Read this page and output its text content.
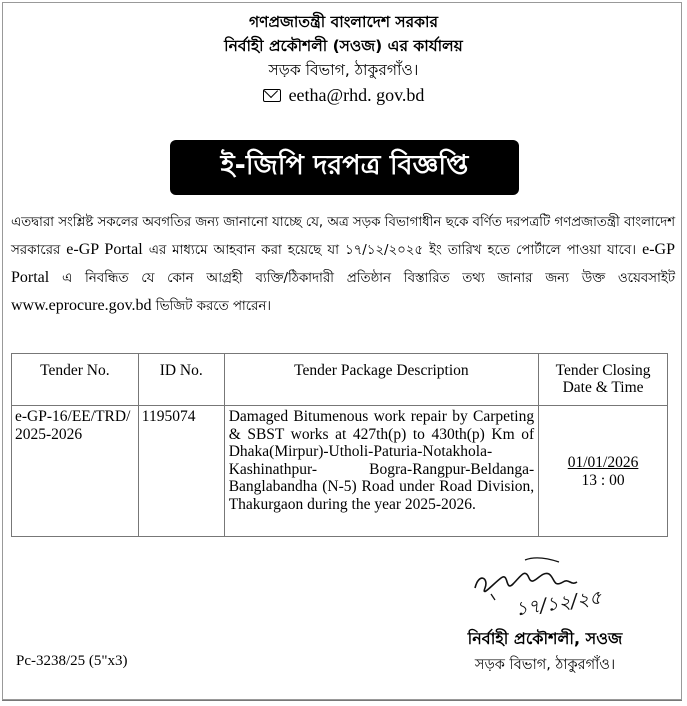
গণপ্রজাতন্ত্রী বাংলাদেশ সরকার
নির্বাহী প্রকৌশলী (সওজ) এর কার্যালয়
সড়ক বিভাগ, ঠাকুরগাঁও।
eetha@rhd. gov.bd
ই-জিপি দরপত্র বিজ্ঞপ্তি
এতদ্বারা সংশ্লিষ্ট সকলের অবগতির জন্য জানানো যাচ্ছে যে, অত্র সড়ক বিভাগাধীন ছকে বর্ণিত দরপত্রটি গণপ্রজাতন্ত্রী বাংলাদেশ সরকারের e-GP Portal এর মাধ্যমে আহবান করা হয়েছে যা ১৭/১২/২০২৫ ইং তারিখ হতে পোর্টালে পাওয়া যাবে। e-GP Portal এ নিবন্ধিত যে কোন আগ্রহী ব্যক্তি/ঠিকাদারী প্রতিষ্ঠান বিস্তারিত তথ্য জানার জন্য উক্ত ওয়েবসাইট www.eprocure.gov.bd ভিজিট করতে পারেন।
Tender No.	ID No.	Tender Package Description	Tender Closing
Date & Time
e-GP-16/EE/TRD/2025-2026	1195074	Damaged Bitumenous work repair by Carpeting & SBST works at 427th(p) to 430th(p) Km of Dhaka(Mirpur)-Utholi-Paturia-Notakhola- Kashinathpur- Bogra-Rangpur-Beldanga-Banglabandha (N-5) Road under Road Division, Thakurgaon during the year 2025-2026.	01/01/2026
13 : 00
১৭/১২/২৫
নির্বাহী প্রকৌশলী, সওজ
সড়ক বিভাগ, ঠাকুরগাঁও।
Pc-3238/25 (5"x3)
